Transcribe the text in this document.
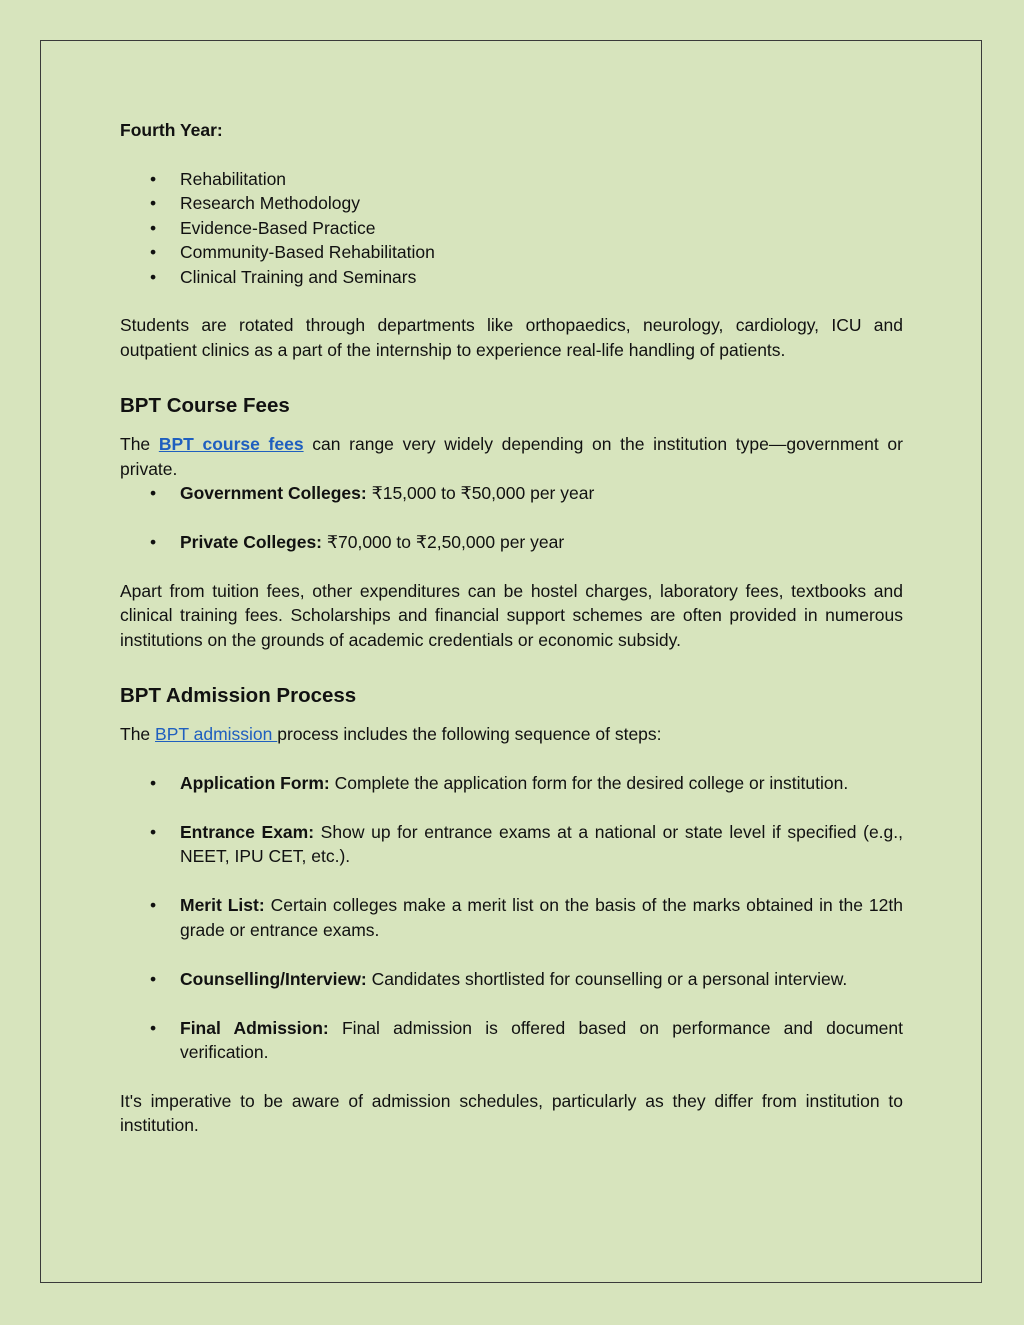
Fourth Year:

• Rehabilitation
• Research Methodology
• Evidence-Based Practice
• Community-Based Rehabilitation
• Clinical Training and Seminars

Students are rotated through departments like orthopaedics, neurology, cardiology, ICU and outpatient clinics as a part of the internship to experience real-life handling of patients.

BPT Course Fees

The BPT course fees can range very widely depending on the institution type—government or private.

• Government Colleges: ₹15,000 to ₹50,000 per year
• Private Colleges: ₹70,000 to ₹2,50,000 per year

Apart from tuition fees, other expenditures can be hostel charges, laboratory fees, textbooks and clinical training fees. Scholarships and financial support schemes are often provided in numerous institutions on the grounds of academic credentials or economic subsidy.

BPT Admission Process

The BPT admission process includes the following sequence of steps:

• Application Form: Complete the application form for the desired college or institution.
• Entrance Exam: Show up for entrance exams at a national or state level if specified (e.g., NEET, IPU CET, etc.).
• Merit List: Certain colleges make a merit list on the basis of the marks obtained in the 12th grade or entrance exams.
• Counselling/Interview: Candidates shortlisted for counselling or a personal interview.
• Final Admission: Final admission is offered based on performance and document verification.

It's imperative to be aware of admission schedules, particularly as they differ from institution to institution.
